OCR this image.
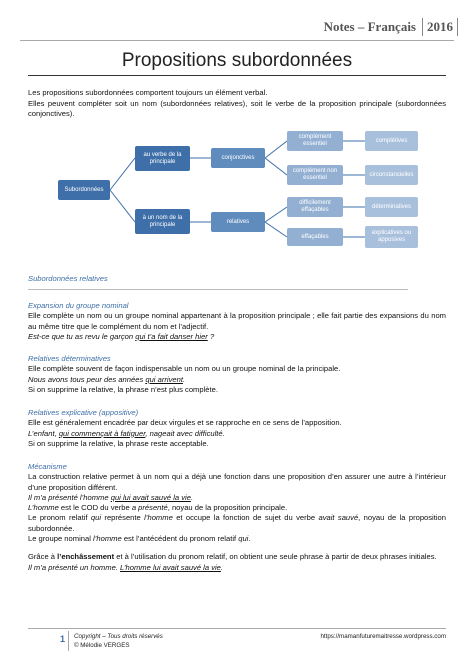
Notes – Français 2016
Propositions subordonnées

Les propositions subordonnées comportent toujours un élément verbal.

Elles peuvent compléter soit un nom (subordonnées relatives), soit le verbe de la proposition principale (subordonnées conjonctives).

Subordonnées
au verbe de la principale
à un nom de la principale
conjonctives
relatives
complément essentiel
complément non essentiel
difficilement effaçables
effaçables
complétives
circonstancielles
déterminatives
explicatives ou apposives

Subordonnées relatives

Expansion du groupe nominal

Elle complète un nom ou un groupe nominal appartenant à la proposition principale ; elle fait partie des expansions du nom au même titre que le complément du nom et l’adjectif.

Est-ce que tu as revu le garçon qui t’a fait danser hier ?

Relatives déterminatives

Elle complète souvent de façon indispensable un nom ou un groupe nominal de la principale.

Nous avons tous peur des années qui arrivent.

Si on supprime la relative, la phrase n’est plus complète.

Relatives explicative (appositive)

Elle est généralement encadrée par deux virgules et se rapproche en ce sens de l’apposition.

L’enfant, qui commençait à fatiguer, nageait avec difficulté.

Si on supprime la relative, la phrase reste acceptable.

Mécanisme

La construction relative permet à un nom qui a déjà une fonction dans une proposition d’en assurer une autre à l’intérieur d’une proposition différent.

Il m’a présenté l’homme qui lui avait sauvé la vie.

L’homme est le COD du verbe a présenté, noyau de la proposition principale.

Le pronom relatif qui représente l’homme et occupe la fonction de sujet du verbe avait sauvé, noyau de la proposition subordonnée.

Le groupe nominal l’homme est l’antécédent du pronom relatif qui.

Grâce à l’enchâssement et à l’utilisation du pronom relatif, on obtient une seule phrase à partir de deux phrases initiales.

Il m’a présenté un homme. L’homme lui avait sauvé la vie.

1 Copyright – Tous droits réservés
© Mélodie VERGES
https://mamanfuturemaitresse.wordpress.com
